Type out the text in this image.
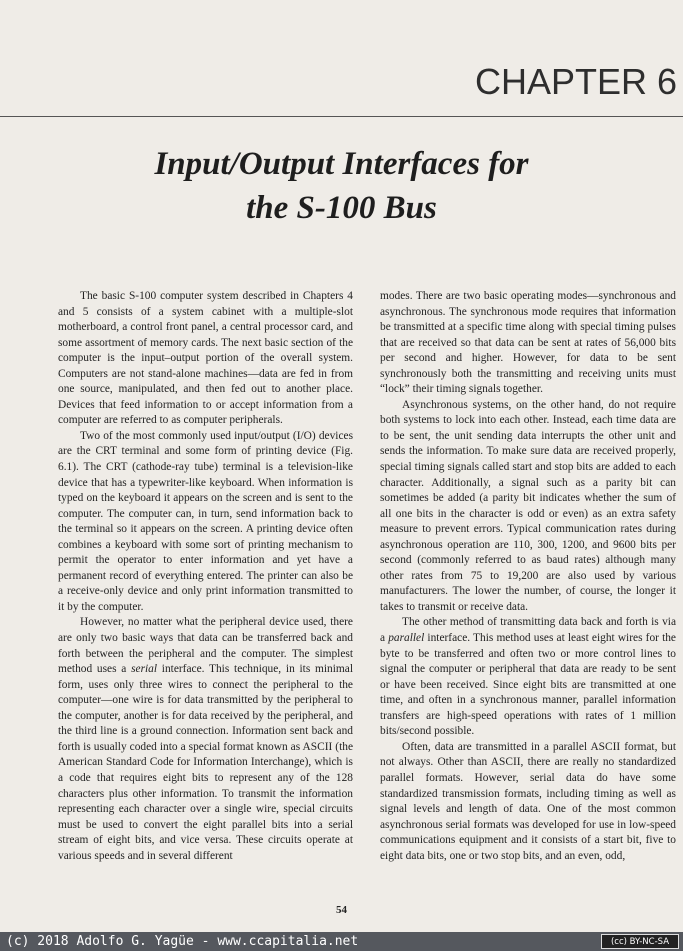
CHAPTER 6
Input/Output Interfaces for
the S-100 Bus

The basic S-100 computer system described in Chapters 4 and 5 consists of a system cabinet with a multiple-slot motherboard, a control front panel, a central processor card, and some assortment of memory cards. The next basic section of the computer is the input–output portion of the overall system. Computers are not stand-alone machines—data are fed in from one source, manipulated, and then fed out to another place. Devices that feed information to or accept information from a computer are referred to as computer peripherals.

Two of the most commonly used input/output (I/O) devices are the CRT terminal and some form of printing device (Fig. 6.1). The CRT (cathode-ray tube) terminal is a television-like device that has a typewriter-like keyboard. When information is typed on the keyboard it appears on the screen and is sent to the computer. The computer can, in turn, send information back to the terminal so it appears on the screen. A printing device often combines a keyboard with some sort of printing mechanism to permit the operator to enter information and yet have a permanent record of everything entered. The printer can also be a receive-only device and only print information transmitted to it by the computer.

However, no matter what the peripheral device used, there are only two basic ways that data can be transferred back and forth between the peripheral and the computer. The simplest method uses a serial interface. This technique, in its minimal form, uses only three wires to connect the peripheral to the computer—one wire is for data transmitted by the peripheral to the computer, another is for data received by the peripheral, and the third line is a ground connection. Information sent back and forth is usually coded into a special format known as ASCII (the American Standard Code for Information Interchange), which is a code that requires eight bits to represent any of the 128 characters plus other information. To transmit the information representing each character over a single wire, special circuits must be used to convert the eight parallel bits into a serial stream of eight bits, and vice versa. These circuits operate at various speeds and in several different

modes. There are two basic operating modes—synchronous and asynchronous. The synchronous mode requires that information be transmitted at a specific time along with special timing pulses that are received so that data can be sent at rates of 56,000 bits per second and higher. However, for data to be sent synchronously both the transmitting and receiving units must “lock” their timing signals together.

Asynchronous systems, on the other hand, do not require both systems to lock into each other. Instead, each time data are to be sent, the unit sending data interrupts the other unit and sends the information. To make sure data are received properly, special timing signals called start and stop bits are added to each character. Additionally, a signal such as a parity bit can sometimes be added (a parity bit indicates whether the sum of all one bits in the character is odd or even) as an extra safety measure to prevent errors. Typical communication rates during asynchronous operation are 110, 300, 1200, and 9600 bits per second (commonly referred to as baud rates) although many other rates from 75 to 19,200 are also used by various manufacturers. The lower the number, of course, the longer it takes to transmit or receive data.

The other method of transmitting data back and forth is via a parallel interface. This method uses at least eight wires for the byte to be transferred and often two or more control lines to signal the computer or peripheral that data are ready to be sent or have been received. Since eight bits are transmitted at one time, and often in a synchronous manner, parallel information transfers are high-speed operations with rates of 1 million bits/second possible.

Often, data are transmitted in a parallel ASCII format, but not always. Other than ASCII, there are really no standardized parallel formats. However, serial data do have some standardized transmission formats, including timing as well as signal levels and length of data. One of the most common asynchronous serial formats was developed for use in low-speed communications equipment and it consists of a start bit, five to eight data bits, one or two stop bits, and an even, odd,

54
(c) 2018 Adolfo G. Yagüe - www.ccapitalia.net	(cc) BY-NC-SA
